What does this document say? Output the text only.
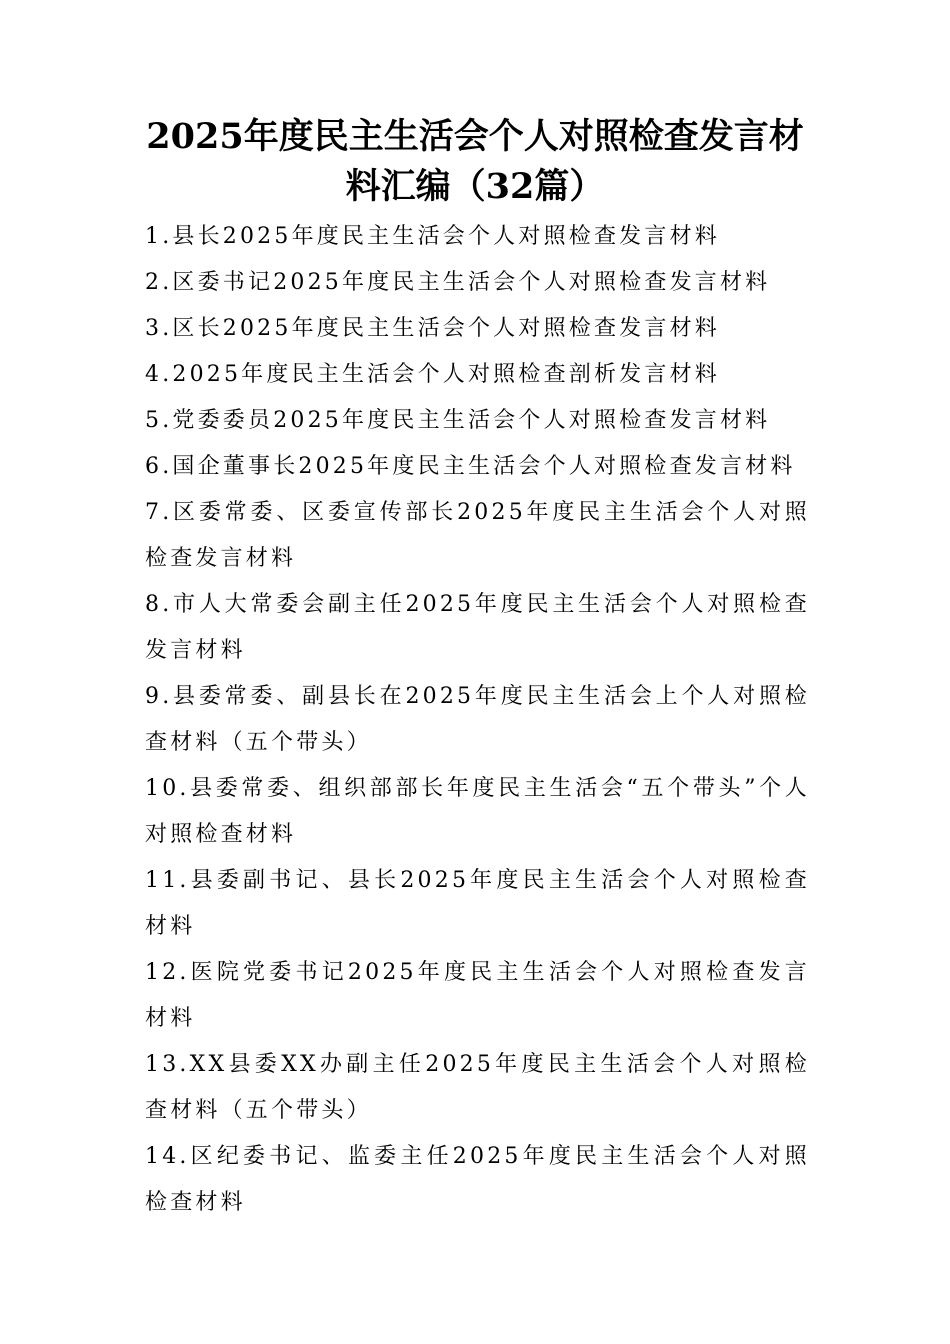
2025年度民主生活会个人对照检查发言材
料汇编（32篇）
1.县长2025年度民主生活会个人对照检查发言材料
2.区委书记2025年度民主生活会个人对照检查发言材料
3.区长2025年度民主生活会个人对照检查发言材料
4.2025年度民主生活会个人对照检查剖析发言材料
5.党委委员2025年度民主生活会个人对照检查发言材料
6.国企董事长2025年度民主生活会个人对照检查发言材料
7.区委常委、区委宣传部长2025年度民主生活会个人对照检查发言材料
8.市人大常委会副主任2025年度民主生活会个人对照检查发言材料
9.县委常委、副县长在2025年度民主生活会上个人对照检查材料（五个带头）
10.县委常委、组织部部长年度民主生活会“五个带头”个人对照检查材料
11.县委副书记、县长2025年度民主生活会个人对照检查材料
12.医院党委书记2025年度民主生活会个人对照检查发言材料
13.XX县委XX办副主任2025年度民主生活会个人对照检查材料（五个带头）
14.区纪委书记、监委主任2025年度民主生活会个人对照检查材料
